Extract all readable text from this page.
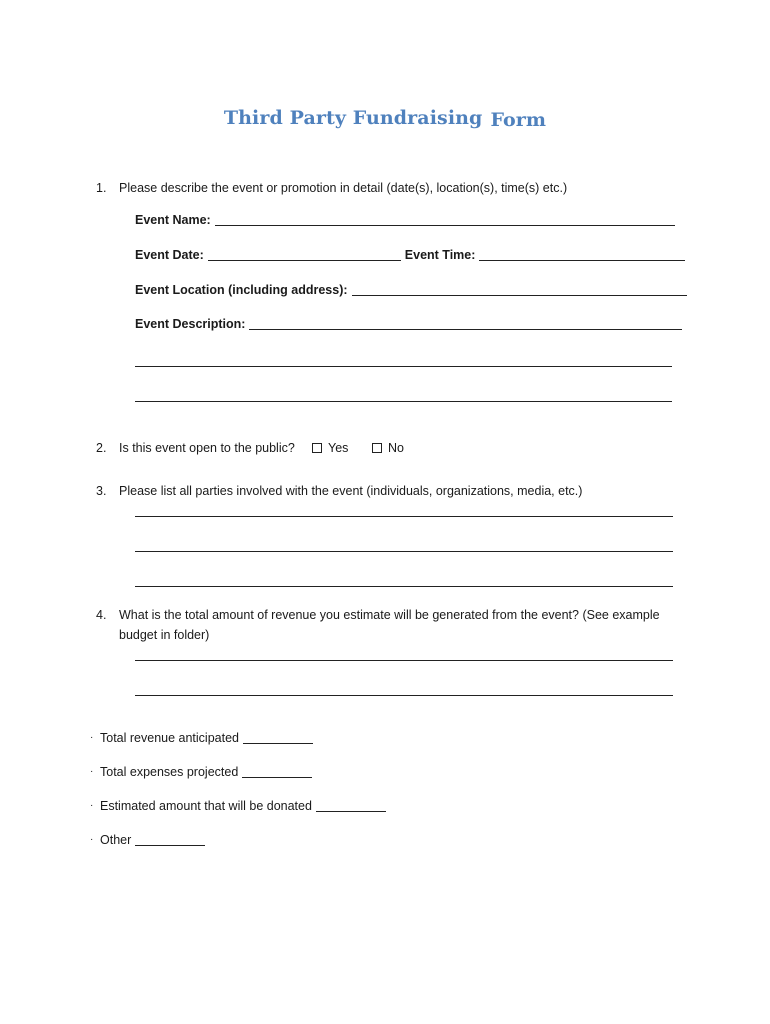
Third Party Fundraising Form
1. Please describe the event or promotion in detail (date(s), location(s), time(s) etc.)
Event Name:
Event Date:	Event Time:
Event Location (including address):
Event Description:
2. Is this event open to the public?	Yes	No
3. Please list all parties involved with the event (individuals, organizations, media, etc.)
4. What is the total amount of revenue you estimate will be generated from the event? (See example
budget in folder)
· Total revenue anticipated
· Total expenses projected
· Estimated amount that will be donated
· Other
